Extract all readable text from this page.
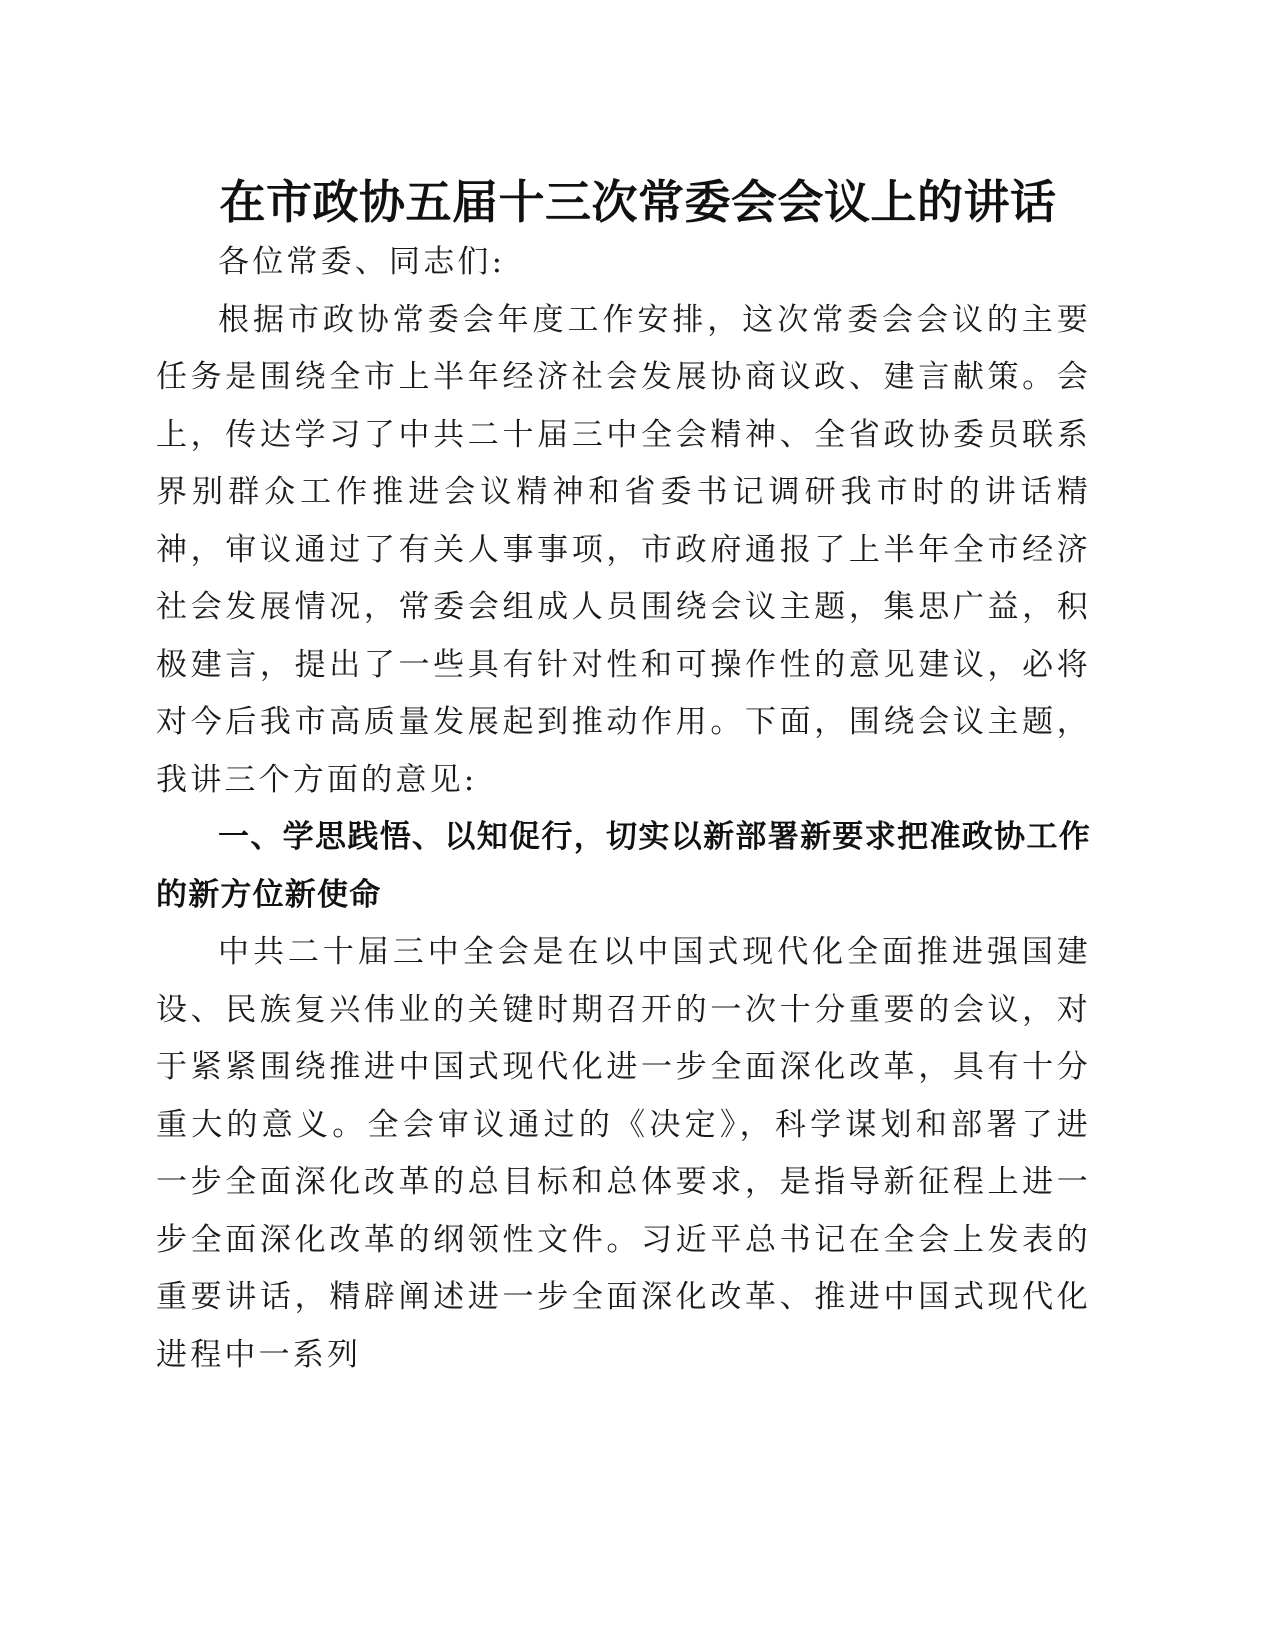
在市政协五届十三次常委会会议上的讲话

各位常委、同志们:

根据市政协常委会年度工作安排，这次常委会会议的主要任务是围绕全市上半年经济社会发展协商议政、建言献策。会上，传达学习了中共二十届三中全会精神、全省政协委员联系界别群众工作推进会议精神和省委书记调研我市时的讲话精神，审议通过了有关人事事项，市政府通报了上半年全市经济社会发展情况，常委会组成人员围绕会议主题，集思广益，积极建言，提出了一些具有针对性和可操作性的意见建议，必将对今后我市高质量发展起到推动作用。下面，围绕会议主题，我讲三个方面的意见:

一、学思践悟、以知促行，切实以新部署新要求把准政协工作的新方位新使命

中共二十届三中全会是在以中国式现代化全面推进强国建设、民族复兴伟业的关键时期召开的一次十分重要的会议，对于紧紧围绕推进中国式现代化进一步全面深化改革，具有十分重大的意义。全会审议通过的《决定》，科学谋划和部署了进一步全面深化改革的总目标和总体要求，是指导新征程上进一步全面深化改革的纲领性文件。习近平总书记在全会上发表的重要讲话，精辟阐述进一步全面深化改革、推进中国式现代化进程中一系列
